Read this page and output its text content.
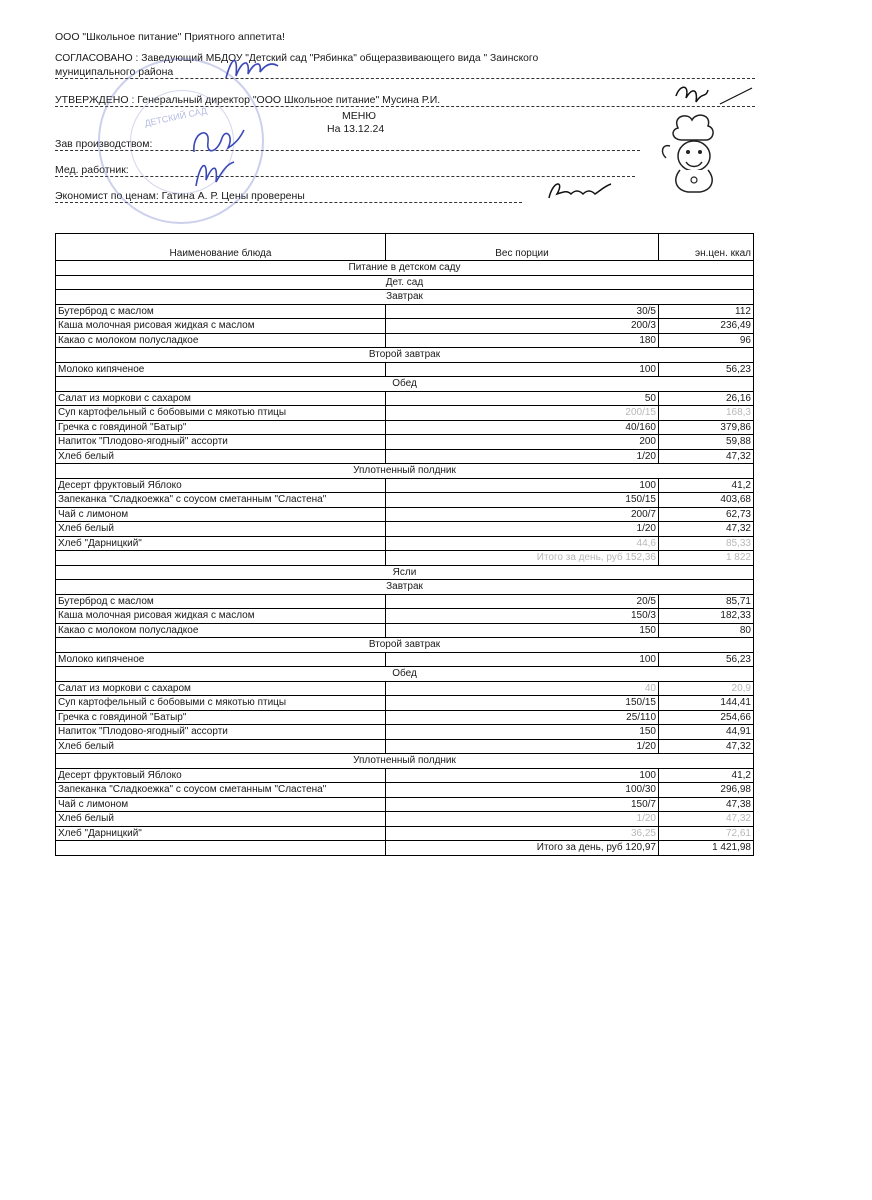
ООО "Школьное питание" Приятного аппетита!
СОГЛАСОВАНО : Заведующий МБДОУ "Детский сад "Рябинка" общеразвивающего вида " Заинского
муниципального района
УТВЕРЖДЕНО : Генеральный директор "ООО Школьное питание" Мусина Р.И.
МЕНЮ
На 13.12.24
Зав производством:
Мед. работник:
Экономист по ценам: Гатина А. Р. Цены проверены
ДЕТСКИЙ САД
Наименование блюда	Вес порции	эн.цен. ккал
Питание в детском саду		
Дет. сад		
Завтрак		
Бутерброд с маслом	30/5	112
Каша молочная рисовая жидкая с маслом	200/3	236,49
Какао с молоком полусладкое	180	96
Второй завтрак		
Молоко кипяченое	100	56,23
Обед		
Салат из моркови с сахаром	50	26,16
Суп картофельный с бобовыми с мякотью птицы	200/15	168,3
Гречка с говядиной "Батыр"	40/160	379,86
Напиток "Плодово-ягодный" ассорти	200	59,88
Хлеб белый	1/20	47,32
Уплотненный полдник		
Десерт фруктовый Яблоко	100	41,2
Запеканка "Сладкоежка" с соусом сметанным "Сластена"	150/15	403,68
Чай с лимоном	200/7	62,73
Хлеб белый	1/20	47,32
Хлеб "Дарницкий"	44,6	85,33
	Итого за день, руб 152,36	1 822
Ясли		
Завтрак		
Бутерброд с маслом	20/5	85,71
Каша молочная рисовая жидкая с маслом	150/3	182,33
Какао с молоком полусладкое	150	80
Второй завтрак		
Молоко кипяченое	100	56,23
Обед		
Салат из моркови с сахаром	40	20,9
Суп картофельный с бобовыми с мякотью птицы	150/15	144,41
Гречка с говядиной "Батыр"	25/110	254,66
Напиток "Плодово-ягодный" ассорти	150	44,91
Хлеб белый	1/20	47,32
Уплотненный полдник		
Десерт фруктовый Яблоко	100	41,2
Запеканка "Сладкоежка" с соусом сметанным "Сластена"	100/30	296,98
Чай с лимоном	150/7	47,38
Хлеб белый	1/20	47,32
Хлеб "Дарницкий"	36,25	72,61
	Итого за день, руб 120,97	1 421,98
